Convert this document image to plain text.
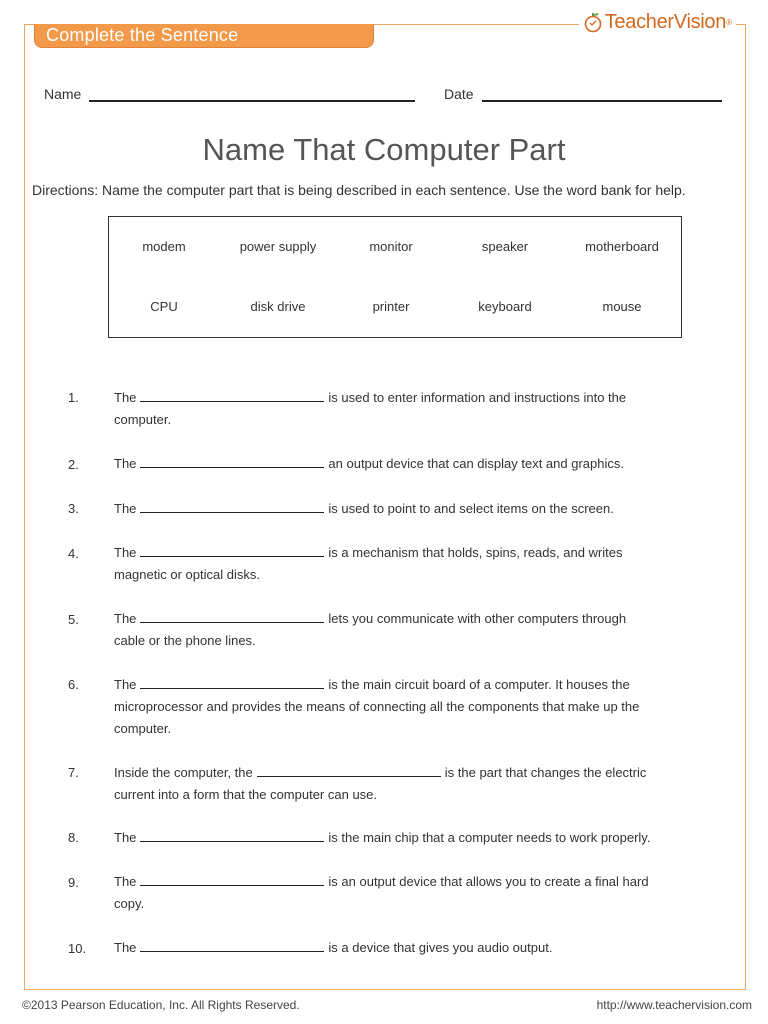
Complete the Sentence
TeacherVision ®
Name	Date
Name That Computer Part
Directions: Name the computer part that is being described in each sentence. Use the word bank for help.
modem	power supply	monitor	speaker	motherboard
CPU	disk drive	printer	keyboard	mouse
1.	The	is used to enter information and instructions into the
computer.
2.	The	an output device that can display text and graphics.
3.	The	is used to point to and select items on the screen.
4.	The	is a mechanism that holds, spins, reads, and writes
magnetic or optical disks.
5.	The	lets you communicate with other computers through
cable or the phone lines.
6.	The	is the main circuit board of a computer. It houses the
microprocessor and provides the means of connecting all the components that make up the
computer.
7.	Inside the computer, the	is the part that changes the electric
current into a form that the computer can use.
8.	The	is the main chip that a computer needs to work properly.
9.	The	is an output device that allows you to create a final hard
copy.
10. The	is a device that gives you audio output.
©2013 Pearson Education, Inc. All Rights Reserved.	http://www.teachervision.com
